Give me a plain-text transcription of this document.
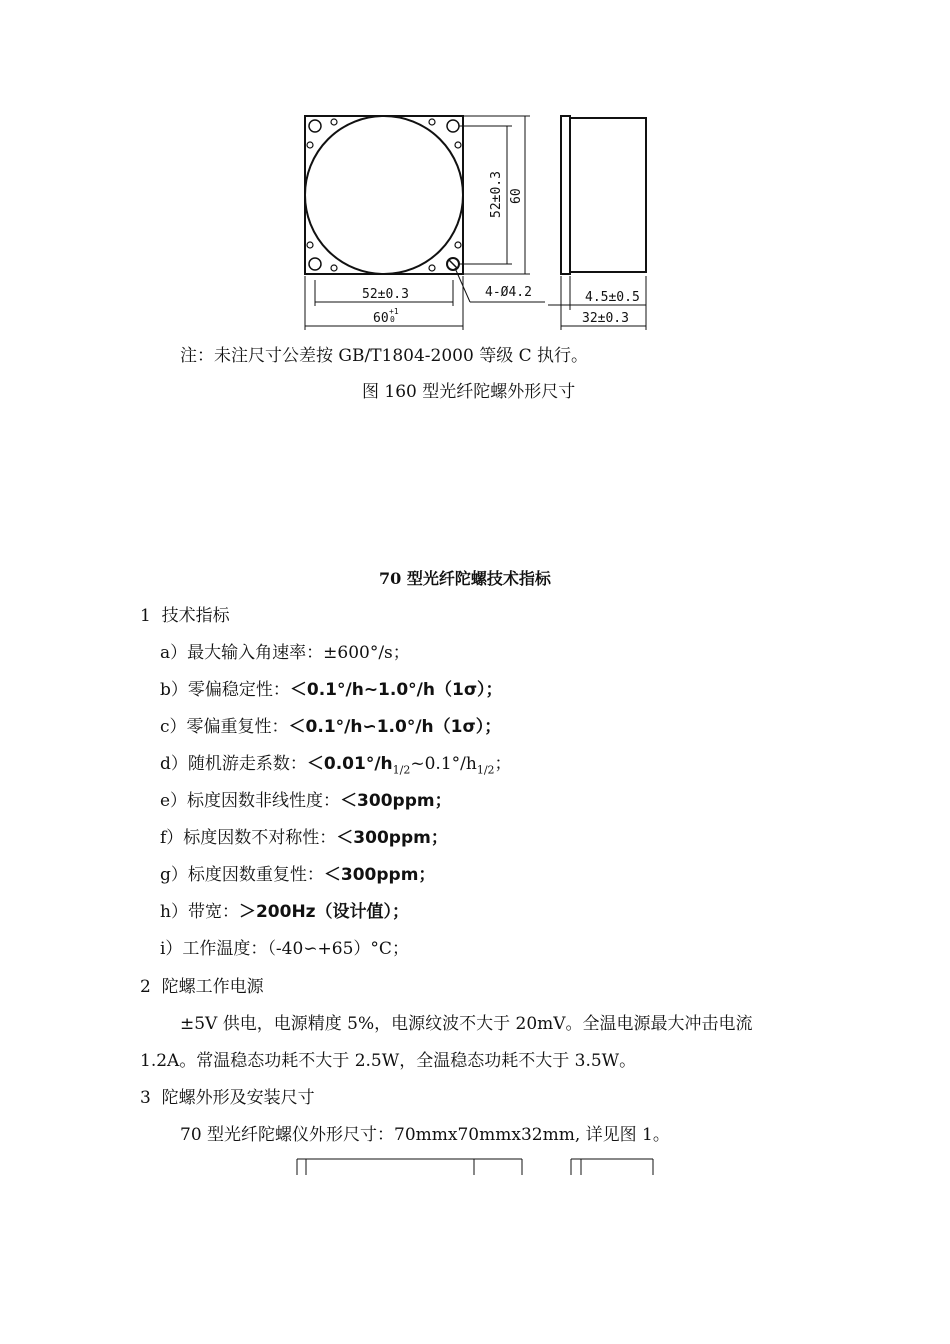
52±0.3
60 +1
0
52±0.3 60
4-Ø4.2	4.5±0.5
32±0.3
注：未注尺寸公差按 GB/T1804-2000 等级 C 执行。
图 160 型光纤陀螺外形尺寸
70 型光纤陀螺技术指标
1 技术指标
a）最大输入角速率：±600°/s；
b）零偏稳定性：＜0.1°/h~1.0°/h（1σ）；
c）零偏重复性：＜0.1°/h∽1.0°/h（1σ）；
d）随机游走系数：$<0.01^\circ/h_{1/2}\sim 0.1^\circ/h_{1/2}$；
e）标度因数非线性度：＜300ppm；
f）标度因数不对称性：＜300ppm；
g）标度因数重复性：＜300ppm；
h）带宽：＞200Hz（设计值）；
i）工作温度：（-40∽+65）°C；
2 陀螺工作电源
±5V 供电，电源精度 5%，电源纹波不大于 20mV。全温电源最大冲击电流
1.2A。常温稳态功耗不大于 2.5W，全温稳态功耗不大于 3.5W。
3 陀螺外形及安装尺寸
70 型光纤陀螺仪外形尺寸：70mmx70mmx32mm, 详见图 1。
